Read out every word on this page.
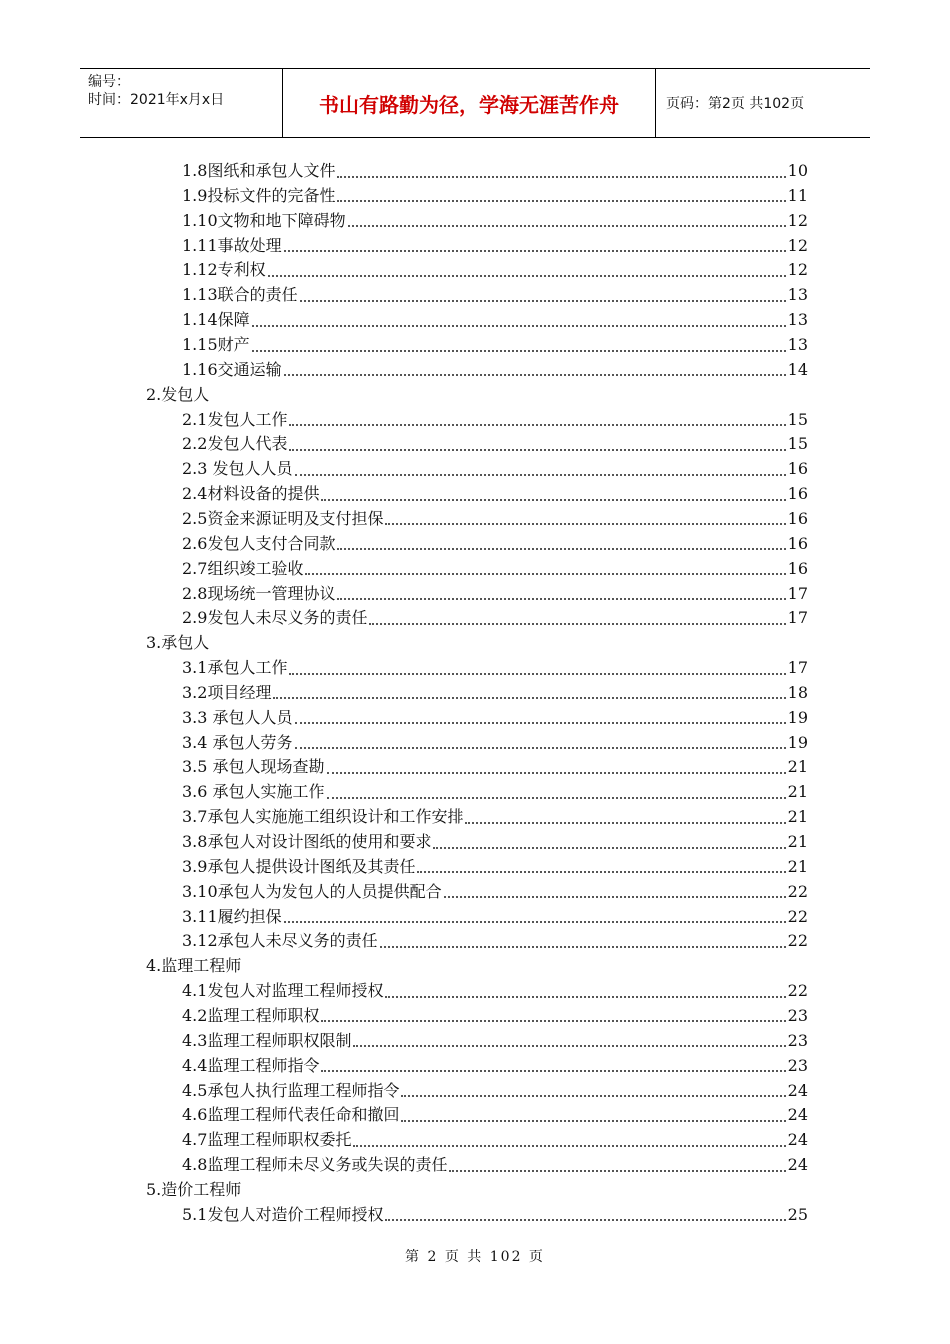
编号：
时间：2021年x月x日	书山有路勤为径，学海无涯苦作舟	页码：第2页 共102页
1.8图纸和承包人文件	10
1.9投标文件的完备性	11
1.10文物和地下障碍物	12
1.11事故处理	12
1.12专利权	12
1.13联合的责任	13
1.14保障	13
1.15财产	13
1.16交通运输	14
2.发包人
2.1发包人工作	15
2.2发包人代表	15
2.3 发包人人员	16
2.4材料设备的提供	16
2.5资金来源证明及支付担保	16
2.6发包人支付合同款	16
2.7组织竣工验收	16
2.8现场统一管理协议	17
2.9发包人未尽义务的责任	17
3.承包人
3.1承包人工作	17
3.2项目经理	18
3.3 承包人人员	19
3.4 承包人劳务	19
3.5 承包人现场查勘	21
3.6 承包人实施工作	21
3.7承包人实施施工组织设计和工作安排	21
3.8承包人对设计图纸的使用和要求	21
3.9承包人提供设计图纸及其责任	21
3.10承包人为发包人的人员提供配合	22
3.11履约担保	22
3.12承包人未尽义务的责任	22
4.监理工程师
4.1发包人对监理工程师授权	22
4.2监理工程师职权	23
4.3监理工程师职权限制	23
4.4监理工程师指令	23
4.5承包人执行监理工程师指令	24
4.6监理工程师代表任命和撤回	24
4.7监理工程师职权委托	24
4.8监理工程师未尽义务或失误的责任	24
5.造价工程师
5.1发包人对造价工程师授权	25
第 2 页 共 102 页
